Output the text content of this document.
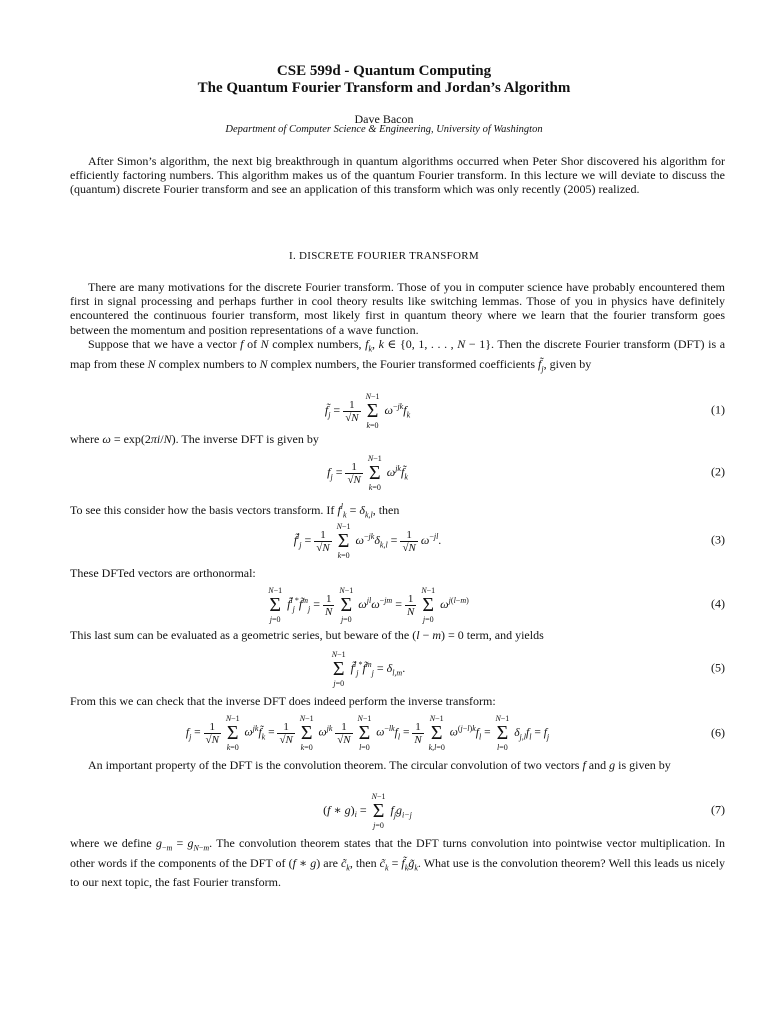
CSE 599d - Quantum Computing
The Quantum Fourier Transform and Jordan’s Algorithm
Dave Bacon
Department of Computer Science & Engineering, University of Washington

After Simon’s algorithm, the next big breakthrough in quantum algorithms occurred when Peter Shor discovered his algorithm for efficiently factoring numbers. This algorithm makes us of the quantum Fourier transform. In this lecture we will deviate to discuss the (quantum) discrete Fourier transform and see an application of this transform which was only recently (2005) realized.

I. DISCRETE FOURIER TRANSFORM

There are many motivations for the discrete Fourier transform. Those of you in computer science have probably encountered them first in signal processing and perhaps further in cool theory results like switching lemmas. Those of you in physics have definitely encountered the continuous fourier transform, most likely first in quantum theory where we learn that the fourier transform goes between the momentum and position representations of a wave function.

Suppose that we have a vector f of N complex numbers, $f_k$, k ∈ {0, 1, . . . , N − 1}. Then the discrete Fourier transform (DFT) is a map from these N complex numbers to N complex numbers, the Fourier transformed coefficients $f̃_j$, given by

$f̃_j = \frac{1}{√N}$

N−1
Σ
k=0
$\omega^{-jk}f_k$	(1)

where ω = exp(2πi/N). The inverse DFT is given by

$f_j = \frac{1}{√N}$

N−1
Σ
k=0
$\omega^{jk}f̃_k$	(2)

To see this consider how the basis vectors transform. If $f^l_k = \delta_{k,l}$, then

f̃$^l_j$ = $\frac{1}{√N}$

N−1
Σ
k=0
$\omega^{-jk}\delta_{k,l} = \frac{1}{√N} \omega^{-jl}$.	(3)

These DFTed vectors are orthonormal:

N−1
Σ
j=0
f̃$^l_j$*f̃$^m_j$ = $\frac{1}{N}$

N−1
Σ
j=0
$\omega^{jl}\omega^{-jm} = \frac{1}{N}$

N−1
Σ
j=0
$\omega^{j(l-m)}$	(4)

This last sum can be evaluated as a geometric series, but beware of the (l − m) = 0 term, and yields

N−1
Σ
j=0
f̃$^l_j$*f̃$^m_j$ = $\delta_{l,m}$.	(5)

From this we can check that the inverse DFT does indeed perform the inverse transform:

$f_j = \frac{1}{√N}$

N−1
Σ
k=0
$\omega^{jk}f̃_k = \frac{1}{√N}$

N−1
Σ
k=0
$\omega^{jk} \frac{1}{√N}$

N−1
Σ
l=0
$\omega^{-lk}f_l = \frac{1}{N}$

N−1
Σ
k,l=0
$\omega^{(j-l)k}f_l$ =
N−1
Σ
l=0
$\delta_{j,l}f_l = f_j$	(6)

An important property of the DFT is the convolution theorem. The circular convolution of two vectors f and g is given by

(f ∗ $g)_i$ =
N−1
Σ
j=0
$f_jg_{i-j}$	(7)

where we define $g_{-m} = g_{N-m}$. The convolution theorem states that the DFT turns convolution into pointwise vector multiplication. In other words if the components of the DFT of (f ∗ g) are $c̃_k$, then $c̃_k$ = $f̃_kg̃_k$. What use is the convolution theorem? Well this leads us nicely to our next topic, the fast Fourier transform.
